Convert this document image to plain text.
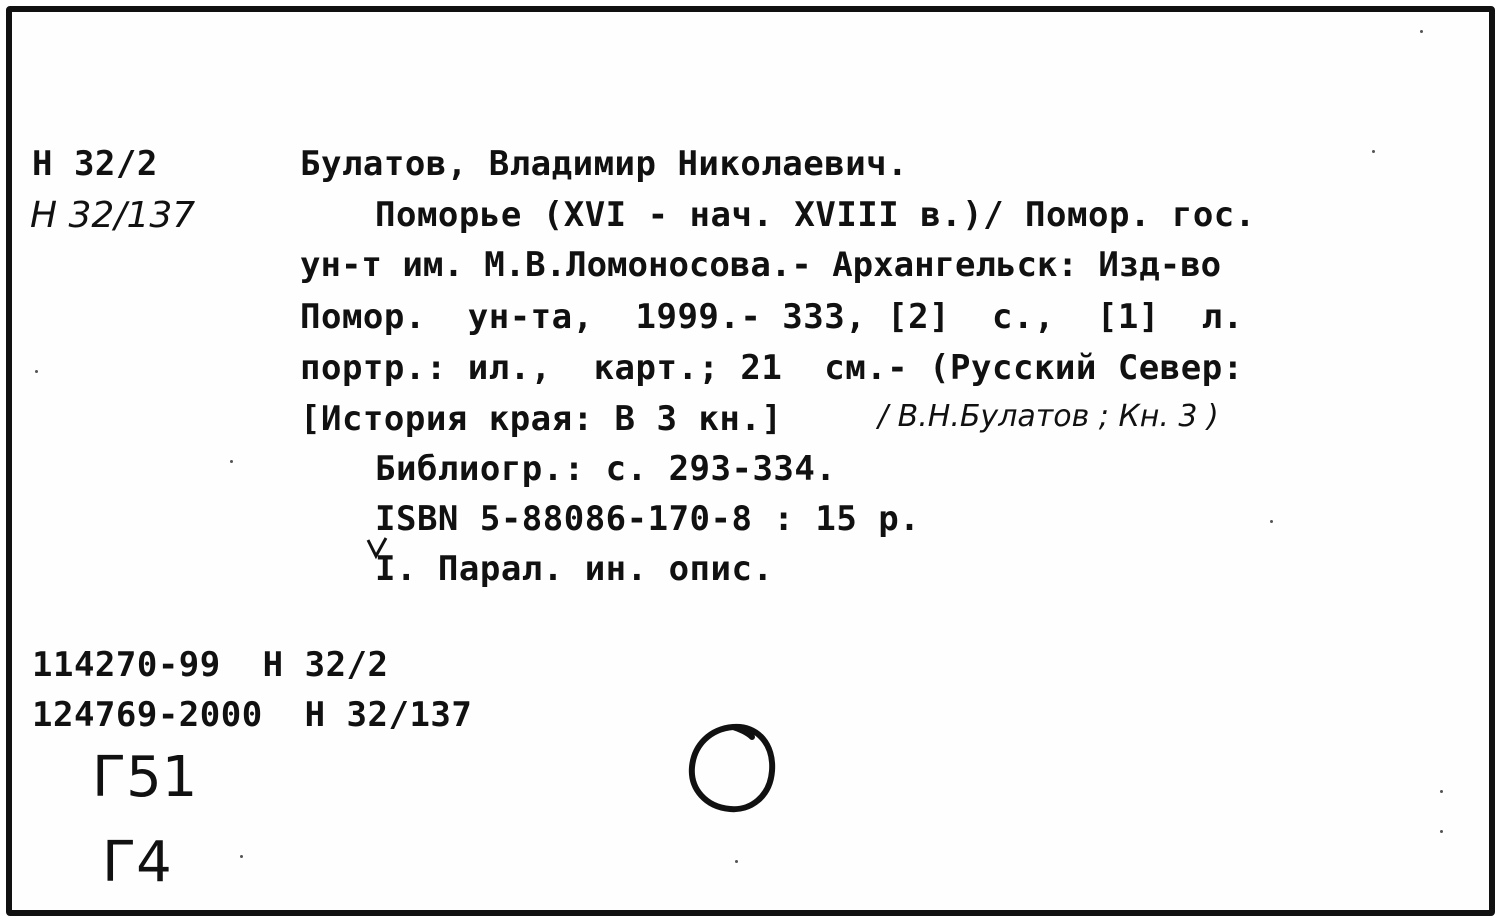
Н 32/2
Н 32/137
Булатов, Владимир Николаевич.
Поморье (XVI - нач. XVIII в.)/ Помор. гос.
ун-т им. М.В.Ломоносова.- Архангельск: Изд-во
Помор.  ун-та,  1999.- 333, [2]  с.,  [1]  л.
портр.: ил.,  карт.; 21  см.- (Русский Север:
[История края: В 3 кн.]	/ В.Н.Булатов ; Кн. 3 )
Библиогр.: с. 293-334.
ISBN 5-88086-170-8 : 15 р.
I. Парал. ин. опис.
114270-99  Н 32/2
124769-2000  Н 32/137
Г51
Г4
